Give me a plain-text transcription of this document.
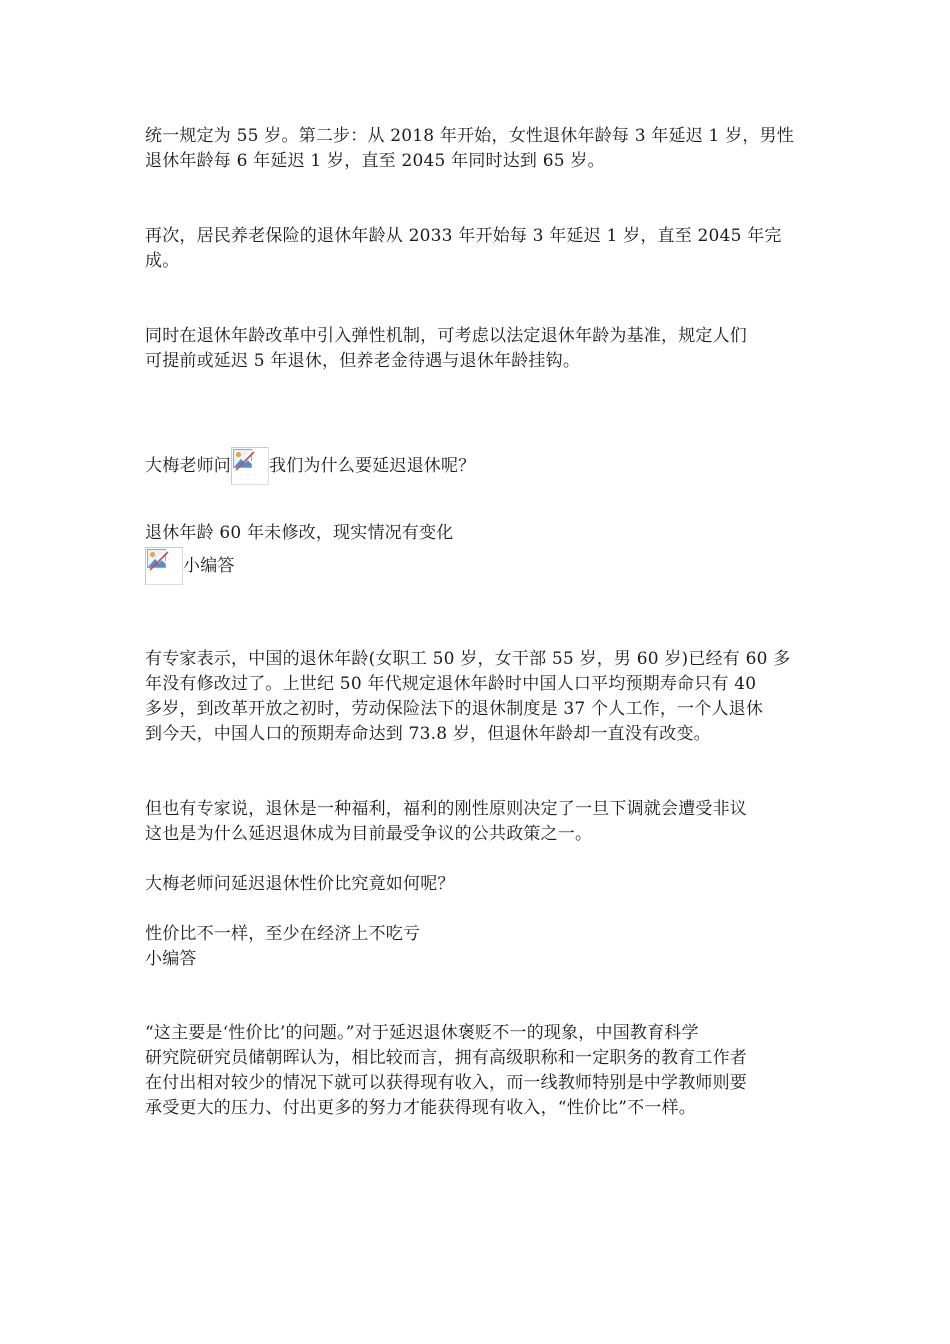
统一规定为 55 岁。第二步：从 2018 年开始，女性退休年龄每 3 年延迟 1 岁，男性
退休年龄每 6 年延迟 1 岁，直至 2045 年同时达到 65 岁。
再次，居民养老保险的退休年龄从 2033 年开始每 3 年延迟 1 岁，直至 2045 年完
成。
同时在退休年龄改革中引入弹性机制，可考虑以法定退休年龄为基准，规定人们
可提前或延迟 5 年退休，但养老金待遇与退休年龄挂钩。
大梅老师问 我们为什么要延迟退休呢？
退休年龄 60 年未修改，现实情况有变化
小编答
有专家表示，中国的退休年龄(女职工 50 岁，女干部 55 岁，男 60 岁)已经有 60 多
年没有修改过了。上世纪 50 年代规定退休年龄时中国人口平均预期寿命只有 40
多岁，到改革开放之初时，劳动保险法下的退休制度是 37 个人工作，一个人退休
到今天，中国人口的预期寿命达到 73.8 岁，但退休年龄却一直没有改变。
但也有专家说，退休是一种福利，福利的刚性原则决定了一旦下调就会遭受非议
这也是为什么延迟退休成为目前最受争议的公共政策之一。
大梅老师问延迟退休性价比究竟如何呢？
性价比不一样，至少在经济上不吃亏
小编答
“这主要是‘性价比’的问题。”对于延迟退休褒贬不一的现象，中国教育科学
研究院研究员储朝晖认为，相比较而言，拥有高级职称和一定职务的教育工作者
在付出相对较少的情况下就可以获得现有收入，而一线教师特别是中学教师则要
承受更大的压力、付出更多的努力才能获得现有收入，“性价比”不一样。
